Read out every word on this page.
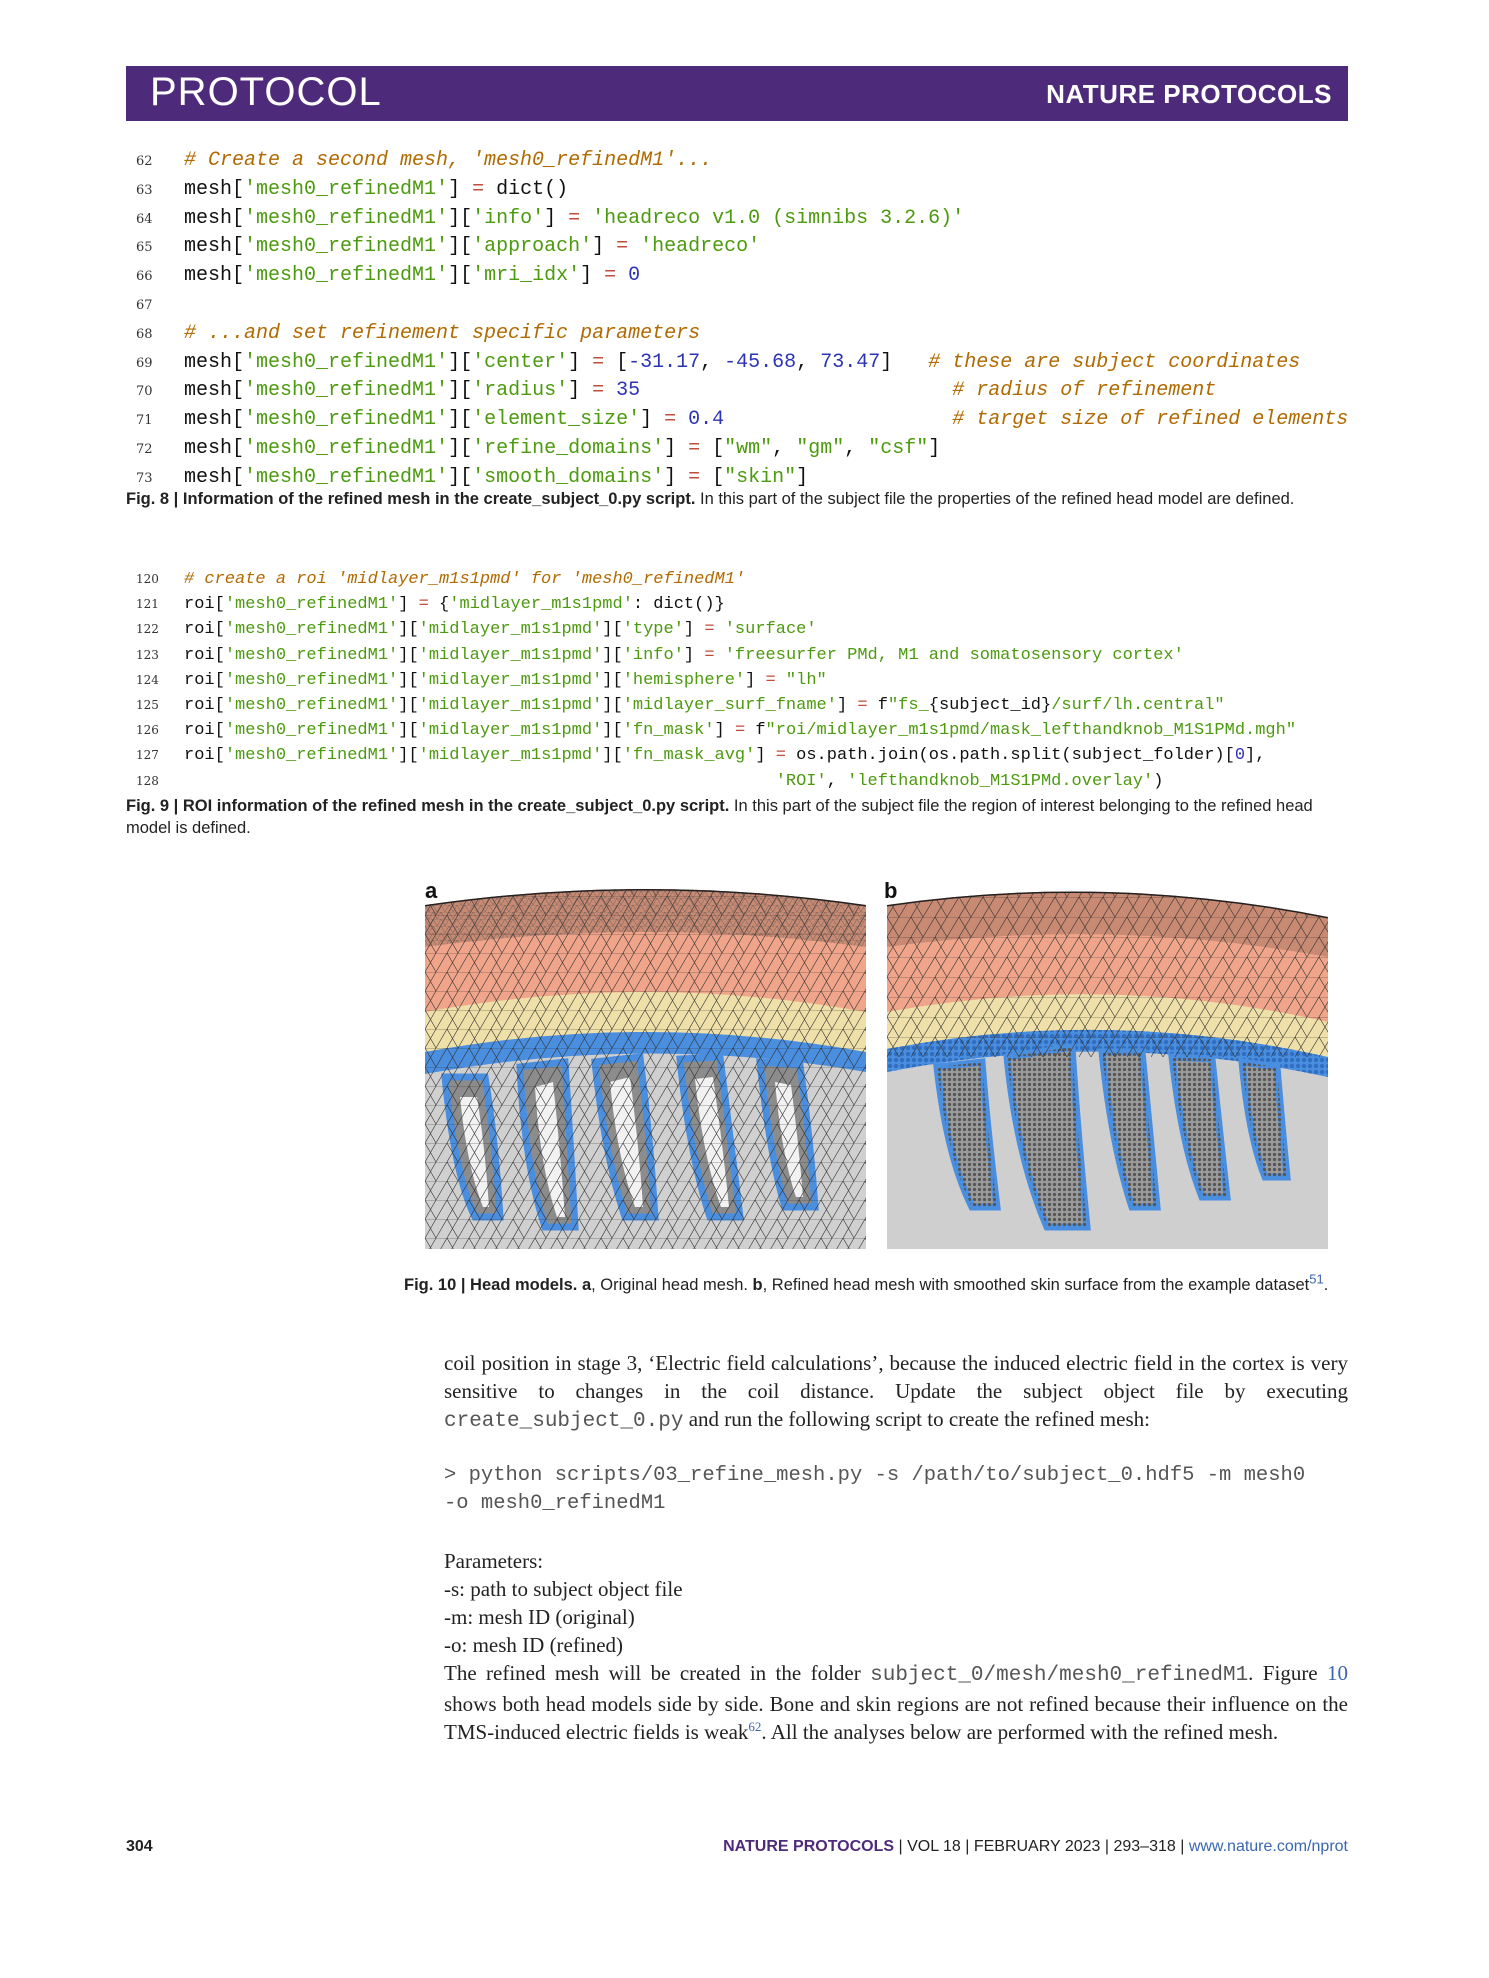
PROTOCOL	NATURE PROTOCOLS
62 # Create a second mesh, 'mesh0_refinedM1'...
63 mesh['mesh0_refinedM1'] = dict()
64 mesh['mesh0_refinedM1']['info'] = 'headreco v1.0 (simnibs 3.2.6)'
65 mesh['mesh0_refinedM1']['approach'] = 'headreco'
66 mesh['mesh0_refinedM1']['mri_idx'] = 0
67
68 # ...and set refinement specific parameters
69 mesh['mesh0_refinedM1']['center'] = [-31.17, -45.68, 73.47]   # these are subject coordinates
70 mesh['mesh0_refinedM1']['radius'] = 35	# radius of refinement
71 mesh['mesh0_refinedM1']['element_size'] = 0.4	# target size of refined elements
72 mesh['mesh0_refinedM1']['refine_domains'] = ["wm", "gm", "csf"]
73 mesh['mesh0_refinedM1']['smooth_domains'] = ["skin"]
Fig. 8 | Information of the refined mesh in the create_subject_0.py script. In this part of the subject file the properties of the refined head model are defined.
120 # create a roi 'midlayer_m1s1pmd' for 'mesh0_refinedM1'
121 roi['mesh0_refinedM1'] = {'midlayer_m1s1pmd': dict()}
122 roi['mesh0_refinedM1']['midlayer_m1s1pmd']['type'] = 'surface'
123 roi['mesh0_refinedM1']['midlayer_m1s1pmd']['info'] = 'freesurfer PMd, M1 and somatosensory cortex'
124 roi['mesh0_refinedM1']['midlayer_m1s1pmd']['hemisphere'] = "lh"
125 roi['mesh0_refinedM1']['midlayer_m1s1pmd']['midlayer_surf_fname'] = f"fs_{subject_id}/surf/lh.central"
126 roi['mesh0_refinedM1']['midlayer_m1s1pmd']['fn_mask'] = f"roi/midlayer_m1s1pmd/mask_lefthandknob_M1S1PMd.mgh"
127 roi['mesh0_refinedM1']['midlayer_m1s1pmd']['fn_mask_avg'] = os.path.join(os.path.split(subject_folder)[0],
128	'ROI', 'lefthandknob_M1S1PMd.overlay')
Fig. 9 | ROI information of the refined mesh in the create_subject_0.py script. In this part of the subject file the region of interest belonging to the refined head model is defined.
a	b
Fig. 10 | Head models. a, Original head mesh. b, Refined head mesh with smoothed skin surface from the example dataset$^{51}$.
coil position in stage 3, ‘Electric field calculations’, because the induced electric field in the cortex is very sensitive to changes in the coil distance. Update the subject object file by executing create_subject_0.py and run the following script to create the refined mesh:
> python scripts/03_refine_mesh.py -s /path/to/subject_0.hdf5 -m mesh0
-o mesh0_refinedM1
Parameters:
-s: path to subject object file
-m: mesh ID (original)
-o: mesh ID (refined)
The refined mesh will be created in the folder subject_0/mesh/mesh0_refinedM1. Figure 10 shows both head models side by side. Bone and skin regions are not refined because their influence on the TMS-induced electric fields is weak$^{62}$. All the analyses below are performed with the refined mesh.
304	NATURE PROTOCOLS | VOL 18 | FEBRUARY 2023 | 293–318 | www.nature.com/nprot
